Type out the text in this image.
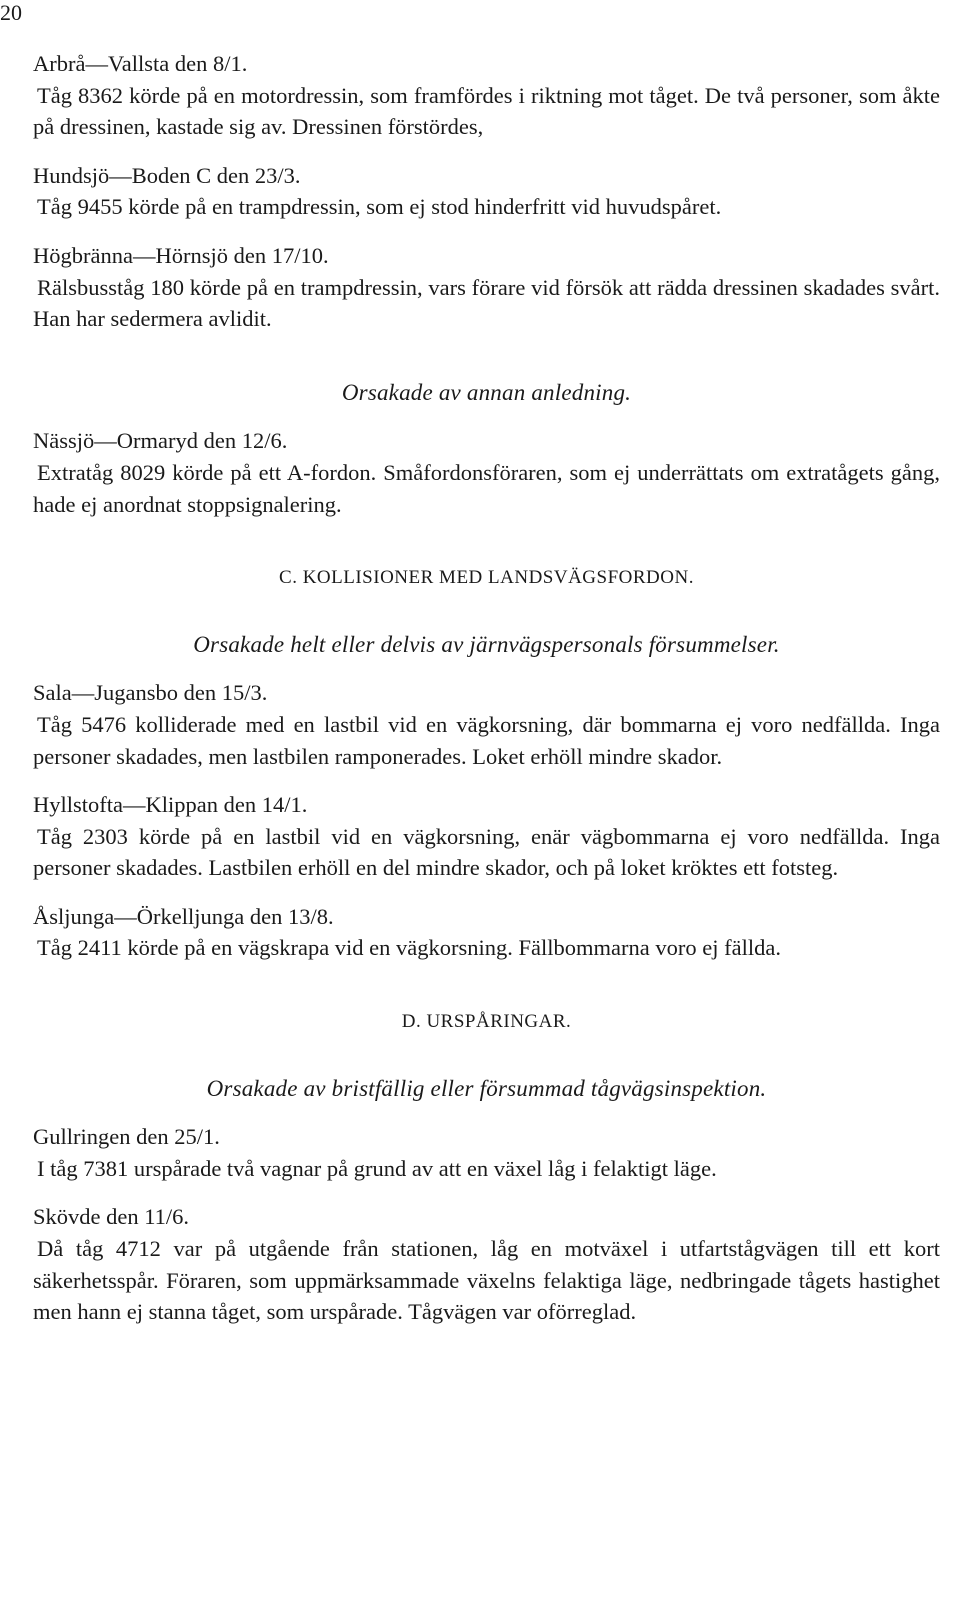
20

Arbrå—Vallsta den 8/1.

Tåg 8362 körde på en motordressin, som framfördes i riktning mot tåget. De två personer, som åkte på dressinen, kastade sig av. Dressinen förstördes,

Hundsjö—Boden C den 23/3.

Tåg 9455 körde på en trampdressin, som ej stod hinderfritt vid huvudspåret.

Högbränna—Hörnsjö den 17/10.

Rälsbusståg 180 körde på en trampdressin, vars förare vid försök att rädda dressinen skadades svårt. Han har sedermera avlidit.

Orsakade av annan anledning.

Nässjö—Ormaryd den 12/6.

Extratåg 8029 körde på ett A-fordon. Småfordonsföraren, som ej underrättats om extratågets gång, hade ej anordnat stoppsignalering.

C. KOLLISIONER MED LANDSVÄGSFORDON.

Orsakade helt eller delvis av järnvägspersonals försummelser.

Sala—Jugansbo den 15/3.

Tåg 5476 kolliderade med en lastbil vid en vägkorsning, där bommarna ej voro nedfällda. Inga personer skadades, men lastbilen ramponerades. Loket erhöll mindre skador.

Hyllstofta—Klippan den 14/1.

Tåg 2303 körde på en lastbil vid en vägkorsning, enär vägbommarna ej voro nedfällda. Inga personer skadades. Lastbilen erhöll en del mindre skador, och på loket kröktes ett fotsteg.

Åsljunga—Örkelljunga den 13/8.

Tåg 2411 körde på en vägskrapa vid en vägkorsning. Fällbommarna voro ej fällda.

D. URSPÅRINGAR.

Orsakade av bristfällig eller försummad tågvägsinspektion.

Gullringen den 25/1.

I tåg 7381 urspårade två vagnar på grund av att en växel låg i felaktigt läge.

Skövde den 11/6.

Då tåg 4712 var på utgående från stationen, låg en motväxel i utfartstågvägen till ett kort säkerhetsspår. Föraren, som uppmärksammade växelns felaktiga läge, nedbringade tågets hastighet men hann ej stanna tåget, som urspårade. Tågvägen var oförreglad.
